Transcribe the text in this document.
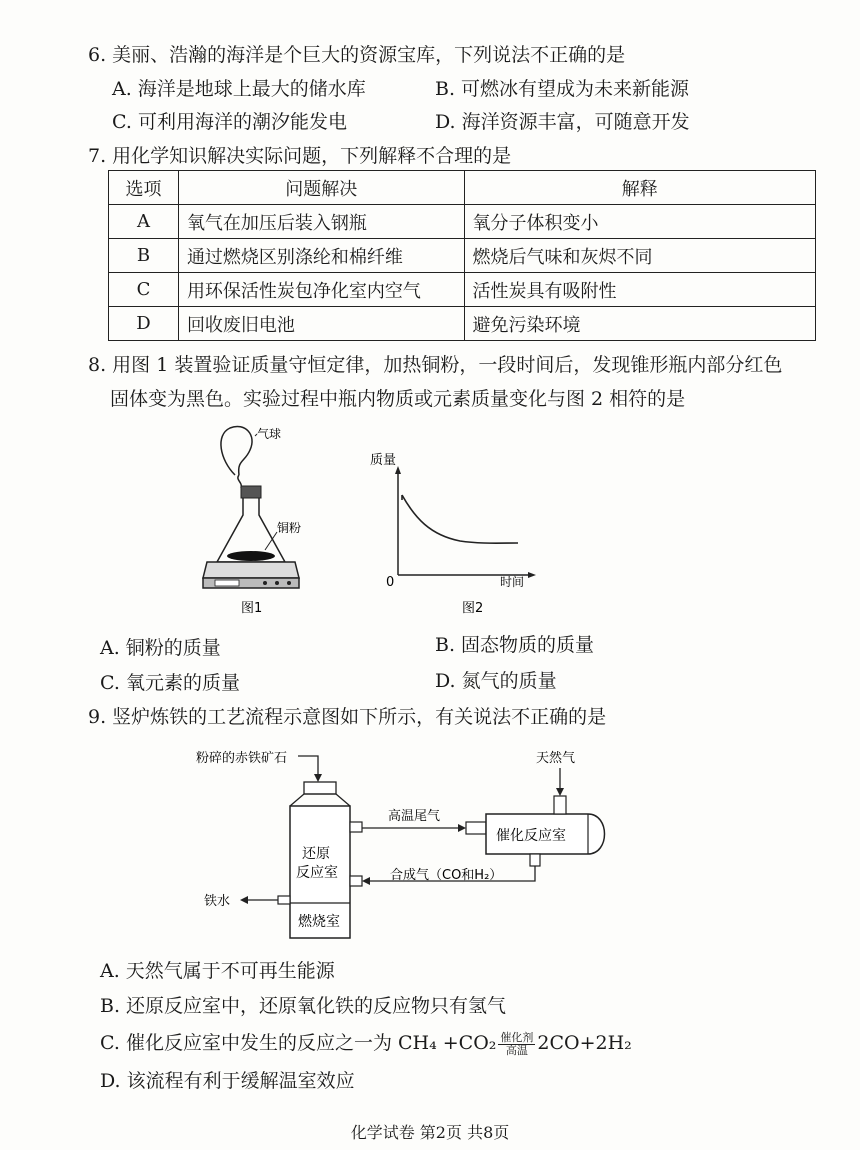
6. 美丽、浩瀚的海洋是个巨大的资源宝库，下列说法不正确的是
A. 海洋是地球上最大的储水库	B. 可燃冰有望成为未来新能源
C. 可利用海洋的潮汐能发电	D. 海洋资源丰富，可随意开发
7. 用化学知识解决实际问题，下列解释不合理的是
选项	问题解决	解释
A	氧气在加压后装入钢瓶	氧分子体积变小
B	通过燃烧区别涤纶和棉纤维	燃烧后气味和灰烬不同
C	用环保活性炭包净化室内空气	活性炭具有吸附性
D	回收废旧电池	避免污染环境
8. 用图 1 装置验证质量守恒定律，加热铜粉，一段时间后，发现锥形瓶内部分红色
固体变为黑色。实验过程中瓶内物质或元素质量变化与图 2 相符的是
气球
铜粉
图1
质量
0	时间
图2
A. 铜粉的质量	B. 固态物质的质量
C. 氧元素的质量	D. 氮气的质量
9. 竖炉炼铁的工艺流程示意图如下所示，有关说法不正确的是
粉碎的赤铁矿石
还原
反应室
燃烧室
高温尾气
催化反应室
天然气
合成气（CO和H₂）
铁水
A. 天然气属于不可再生能源
B. 还原反应室中，还原氧化铁的反应物只有氢气
C. 催化反应室中发生的反应之一为 $CH_4 +CO_2 \frac{\text{催化剂}}{\text{高温}} 2CO+2H_2$
D. 该流程有利于缓解温室效应
化学试卷 第2页 共8页
